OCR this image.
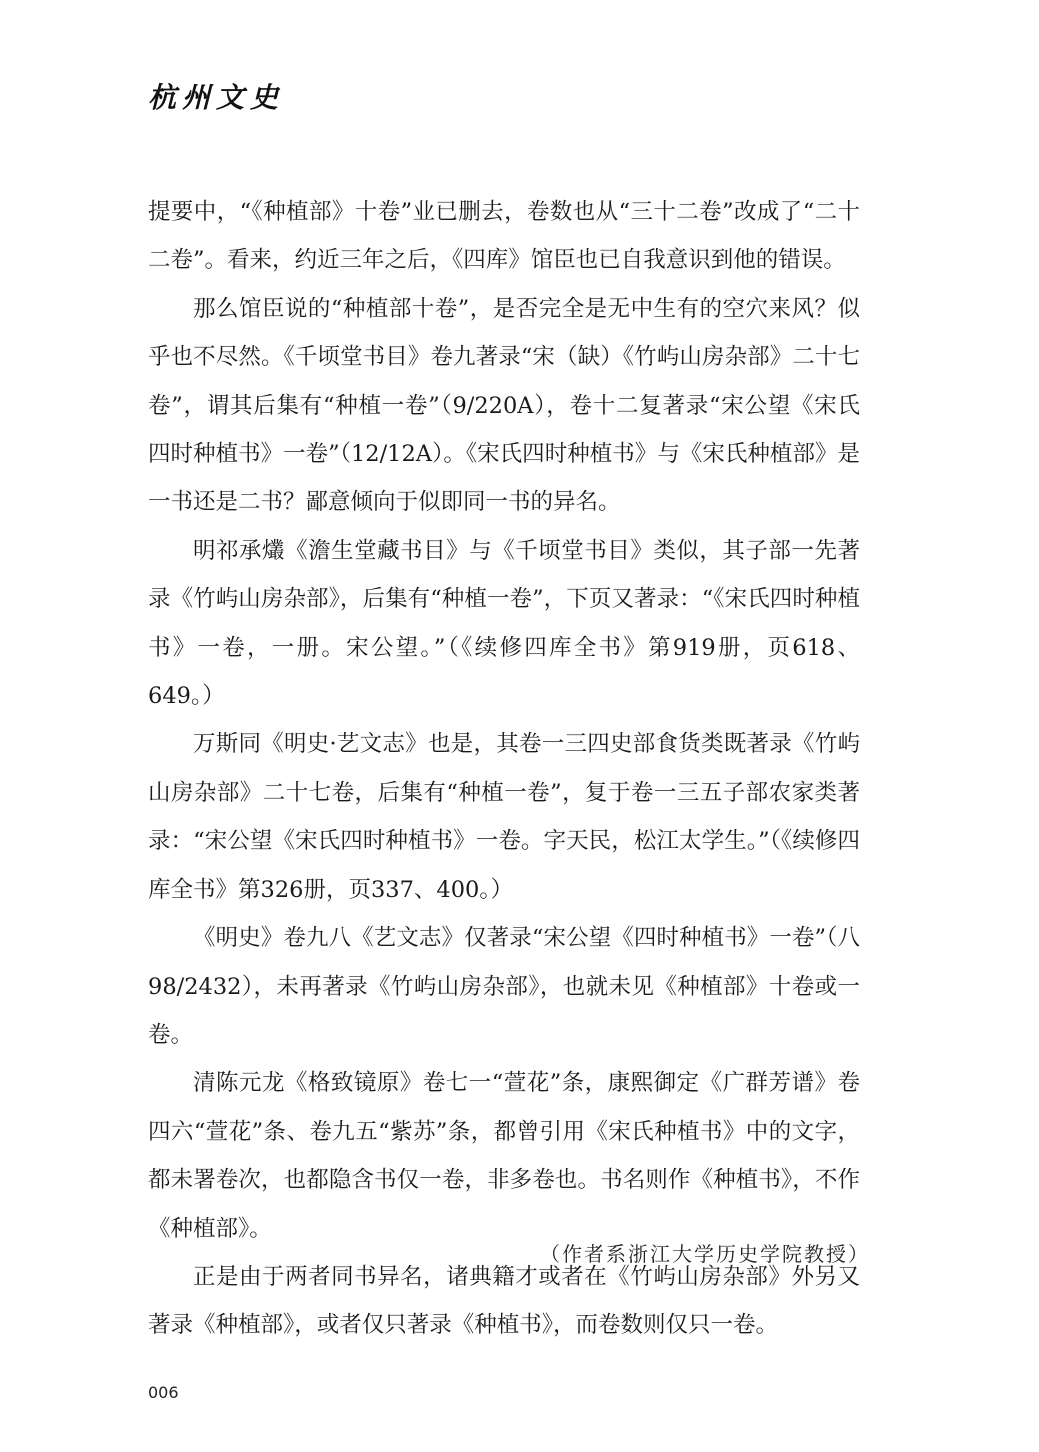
杭州文史

提要中，“《种植部》十卷”业已删去，卷数也从“三十二卷”改成了“二十二卷”。看来，约近三年之后，《四库》馆臣也已自我意识到他的错误。

那么馆臣说的“种植部十卷”，是否完全是无中生有的空穴来风？似乎也不尽然。《千顷堂书目》卷九著录“宋（缺）《竹屿山房杂部》二十七卷”，谓其后集有“种植一卷”（9/220A），卷十二复著录“宋公望《宋氏四时种植书》一卷”（12/12A）。《宋氏四时种植书》与《宋氏种植部》是一书还是二书？鄙意倾向于似即同一书的异名。

明祁承爜《澹生堂藏书目》与《千顷堂书目》类似，其子部一先著录《竹屿山房杂部》，后集有“种植一卷”，下页又著录：“《宋氏四时种植书》一卷，一册。宋公望。”（《续修四库全书》第919册，页618、649。）

万斯同《明史·艺文志》也是，其卷一三四史部食货类既著录《竹屿山房杂部》二十七卷，后集有“种植一卷”，复于卷一三五子部农家类著录：“宋公望《宋氏四时种植书》一卷。字天民，松江太学生。”（《续修四库全书》第326册，页337、400。）

《明史》卷九八《艺文志》仅著录“宋公望《四时种植书》一卷”（八98/2432），未再著录《竹屿山房杂部》，也就未见《种植部》十卷或一卷。

清陈元龙《格致镜原》卷七一“萱花”条，康熙御定《广群芳谱》卷四六“萱花”条、卷九五“紫苏”条，都曾引用《宋氏种植书》中的文字，都未署卷次，也都隐含书仅一卷，非多卷也。书名则作《种植书》，不作《种植部》。

正是由于两者同书异名，诸典籍才或者在《竹屿山房杂部》外另又著录《种植部》，或者仅只著录《种植书》，而卷数则仅只一卷。

（作者系浙江大学历史学院教授）
006
